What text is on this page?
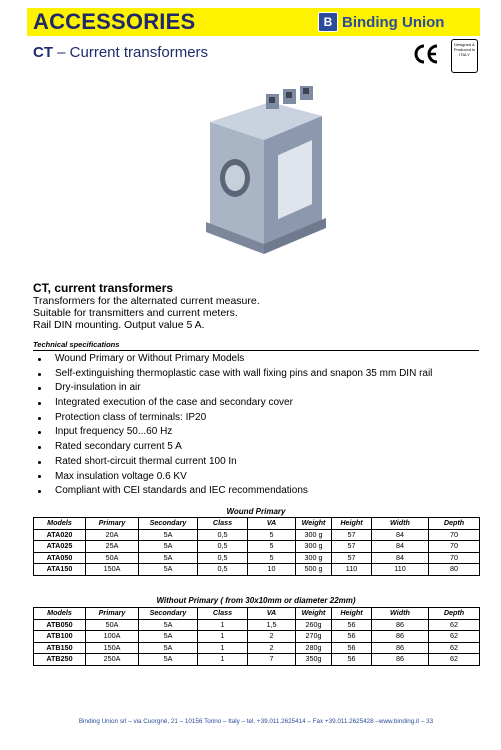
ACCESSORIES	B Binding Union
CT – Current transformers	Designed & Produced in ITALY
CT, current transformers
Transformers for the alternated current measure.
Suitable for transmitters and current meters.
Rail DIN mounting. Output value 5 A.
Technical specifications
Wound Primary or Without Primary Models
Self-extinguishing thermoplastic case with wall fixing pins and snapon 35 mm DIN rail
Dry-insulation in air
Integrated execution of the case and secondary cover
Protection class of terminals: IP20
Input frequency 50...60 Hz
Rated secondary current 5 A
Rated short-circuit thermal current 100 In
Max insulation voltage 0.6 KV
Compliant with CEI standards and IEC recommendations
Wound Primary
Models	Primary	Secondary	Class	VA	Weight	Height	Width	Depth
ATA020	20A	5A	0,5	5	300 g	57	84	70
ATA025	25A	5A	0,5	5	300 g	57	84	70
ATA050	50A	5A	0,5	5	300 g	57	84	70
ATA150	150A	5A	0,5	10	500 g	110	110	80
Without Primary ( from 30x10mm or diameter 22mm)
Models	Primary	Secondary	Class	VA	Weight	Height	Width	Depth
ATB050	50A	5A	1	1,5	260g	56	86	62
ATB100	100A	5A	1	2	270g	56	86	62
ATB150	150A	5A	1	2	280g	56	86	62
ATB250	250A	5A	1	7	350g	56	86	62
Binding Union srl – via Cuorgnè, 21 – 10156 Torino – Italy – tel. +39.011.2625414 – Fax +39.011.2625428 –www.binding.it – 33
